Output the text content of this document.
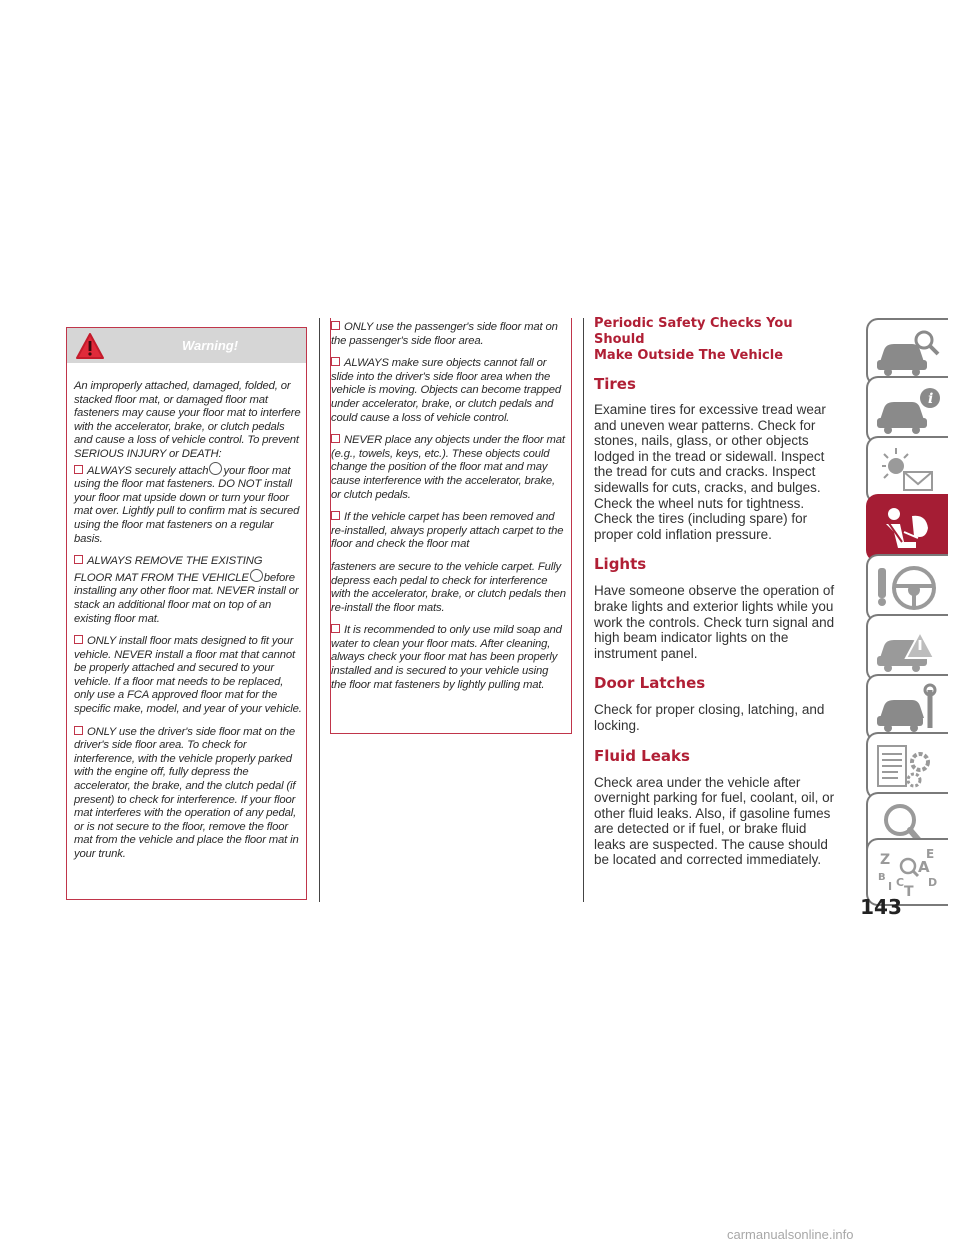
Warning!

An improperly attached, damaged, folded, or stacked floor mat, or damaged floor mat fasteners may cause your floor mat to interfere with the accelerator, brake, or clutch pedals and cause a loss of vehicle control. To prevent SERIOUS INJURY or DEATH:

ALWAYS securely attach your floor mat using the floor mat fasteners. DO NOT install your floor mat upside down or turn your floor mat over. Lightly pull to confirm mat is secured using the floor mat fasteners on a regular basis.

ALWAYS REMOVE THE EXISTING FLOOR MAT FROM THE VEHICLE before installing any other floor mat. NEVER install or stack an additional floor mat on top of an existing floor mat.

ONLY install floor mats designed to fit your vehicle. NEVER install a floor mat that cannot be properly attached and secured to your vehicle. If a floor mat needs to be replaced, only use a FCA approved floor mat for the specific make, model, and year of your vehicle.

ONLY use the driver's side floor mat on the driver's side floor area. To check for interference, with the vehicle properly parked with the engine off, fully depress the accelerator, the brake, and the clutch pedal (if present) to check for interference. If your floor mat interferes with the operation of any pedal, or is not secure to the floor, remove the floor mat from the vehicle and place the floor mat in your trunk.

ONLY use the passenger's side floor mat on the passenger's side floor area.

ALWAYS make sure objects cannot fall or slide into the driver's side floor area when the vehicle is moving. Objects can become trapped under accelerator, brake, or clutch pedals and could cause a loss of vehicle control.

NEVER place any objects under the floor mat (e.g., towels, keys, etc.). These objects could change the position of the floor mat and may cause interference with the accelerator, brake, or clutch pedals.

If the vehicle carpet has been removed and re-installed, always properly attach carpet to the floor and check the floor mat

fasteners are secure to the vehicle carpet. Fully depress each pedal to check for interference with the accelerator, brake, or clutch pedals then re-install the floor mats.

It is recommended to only use mild soap and water to clean your floor mats. After cleaning, always check your floor mat has been properly installed and is secured to your vehicle using the floor mat fasteners by lightly pulling mat.

Periodic Safety Checks You Should

Make Outside The Vehicle

Tires

Examine tires for excessive tread wear and uneven wear patterns. Check for stones, nails, glass, or other objects lodged in the tread or sidewall. Inspect the tread for cuts and cracks. Inspect sidewalls for cuts, cracks, and bulges. Check the wheel nuts for tightness. Check the tires (including spare) for proper cold inflation pressure.

Lights

Have someone observe the operation of brake lights and exterior lights while you work the controls. Check turn signal and high beam indicator lights on the instrument panel.

Door Latches

Check for proper closing, latching, and locking.

Fluid Leaks

Check area under the vehicle after overnight parking for fuel, coolant, oil, or other fluid leaks. Also, if gasoline fumes are detected or if fuel, or brake fluid leaks are suspected. The cause should be located and corrected immediately.

i
Z	E
A
B C D
I T
143
carmanualsonline.info
